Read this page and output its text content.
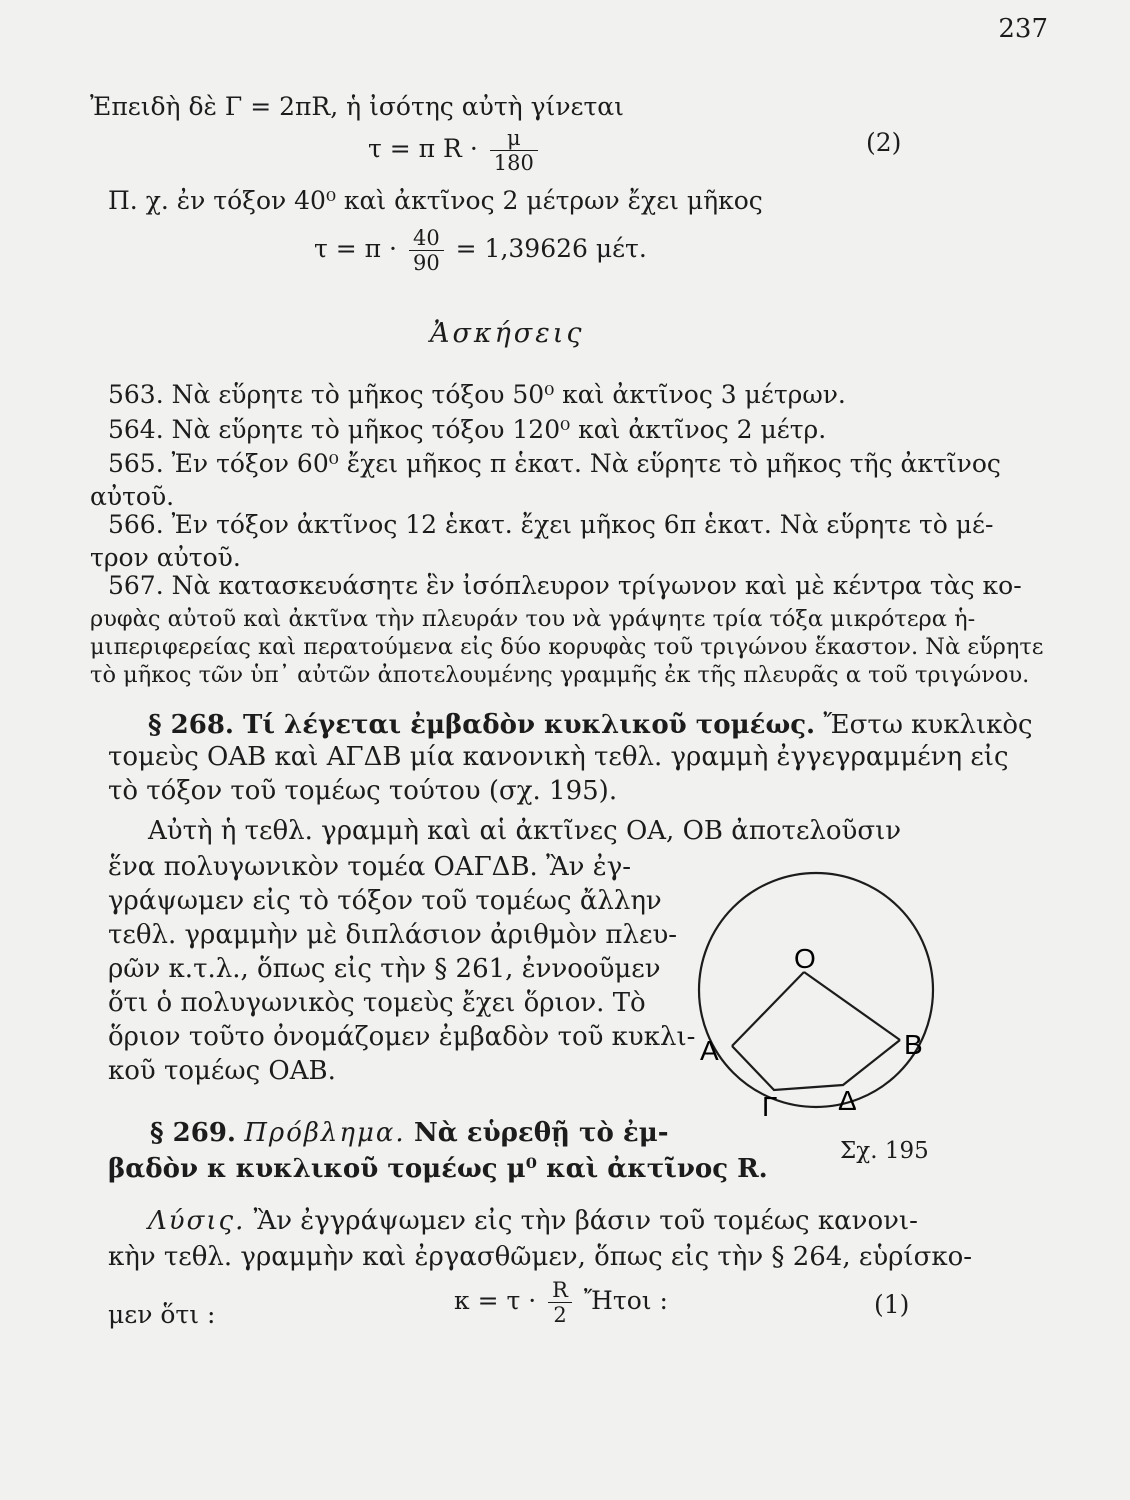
237
Ἐπειδὴ δὲ Γ = 2πR, ἡ ἰσότης αὐτὴ γίνεται
τ = π $R \cdot \frac{\mu}{180}$	(2)
Π. χ. ἐν τόξον 40⁰ καὶ ἀκτῖνος 2 μέτρων ἔχει μῆκος
$\tau = \pi \cdot \frac{40}{90} = 1,39626$ μέτ.
Ἀσκήσεις
563. Νὰ εὕρητε τὸ μῆκος τόξου 50⁰ καὶ ἀκτῖνος 3 μέτρων.
564. Νὰ εὕρητε τὸ μῆκος τόξου 120⁰ καὶ ἀκτῖνος 2 μέτρ.
565. Ἐν τόξον 60⁰ ἔχει μῆκος π ἑκατ. Νὰ εὕρητε τὸ μῆκος τῆς ἀκτῖνος
αὐτοῦ.
566. Ἐν τόξον ἀκτῖνος 12 ἑκατ. ἔχει μῆκος 6π ἑκατ. Νὰ εὕρητε τὸ μέ-
τρον αὐτοῦ.
567. Νὰ κατασκευάσητε ἓν ἰσόπλευρον τρίγωνον καὶ μὲ κέντρα τὰς κο-
ρυφὰς αὐτοῦ καὶ ἀκτῖνα τὴν πλευράν του νὰ γράψητε τρία τόξα μικρότερα ἡ-
μιπεριφερείας καὶ περατούμενα εἰς δύο κορυφὰς τοῦ τριγώνου ἕκαστον. Νὰ εὕρητε
τὸ μῆκος τῶν ὑπ᾽ αὐτῶν ἀποτελουμένης γραμμῆς ἐκ τῆς πλευρᾶς α τοῦ τριγώνου.
§ 268. Τί λέγεται ἐμβαδὸν κυκλικοῦ τομέως. Ἔστω κυκλικὸς
τομεὺς ΟΑΒ καὶ ΑΓΔΒ μία κανονικὴ τεθλ. γραμμὴ ἐγγεγραμμένη εἰς
τὸ τόξον τοῦ τομέως τούτου (σχ. 195).
Αὐτὴ ἡ τεθλ. γραμμὴ καὶ αἱ ἀκτῖνες ΟΑ, ΟΒ ἀποτελοῦσιν
ἕνα πολυγωνικὸν τομέα ΟΑΓΔΒ. Ἂν ἐγ-
γράψωμεν εἰς τὸ τόξον τοῦ τομέως ἄλλην
τεθλ. γραμμὴν μὲ διπλάσιον ἀριθμὸν πλευ-
ρῶν κ.τ.λ., ὅπως εἰς τὴν § 261, ἐννοοῦμεν
ὅτι ὁ πολυγωνικὸς τομεὺς ἔχει ὅριον. Τὸ
ὅριον τοῦτο ὀνομάζομεν ἐμβαδὸν τοῦ κυκλι-
κοῦ τομέως ΟΑΒ.
Ο
Α	Β
Γ Δ
Σχ. 195
§ 269. Πρόβλημα. Νὰ εὑρεθῇ τὸ ἐμ-
βαδὸν κ κυκλικοῦ τομέως μ⁰ καὶ ἀκτῖνος R.
Λύσις. Ἂν ἐγγράψωμεν εἰς τὴν βάσιν τοῦ τομέως κανονι-
κὴν τεθλ. γραμμὴν καὶ ἐργασθῶμεν, ὅπως εἰς τὴν § 264, εὑρίσκο-
μεν ὅτι :	$\kappa = \tau \cdot \frac{R}{2}$ Ἤτοι :	(1)
